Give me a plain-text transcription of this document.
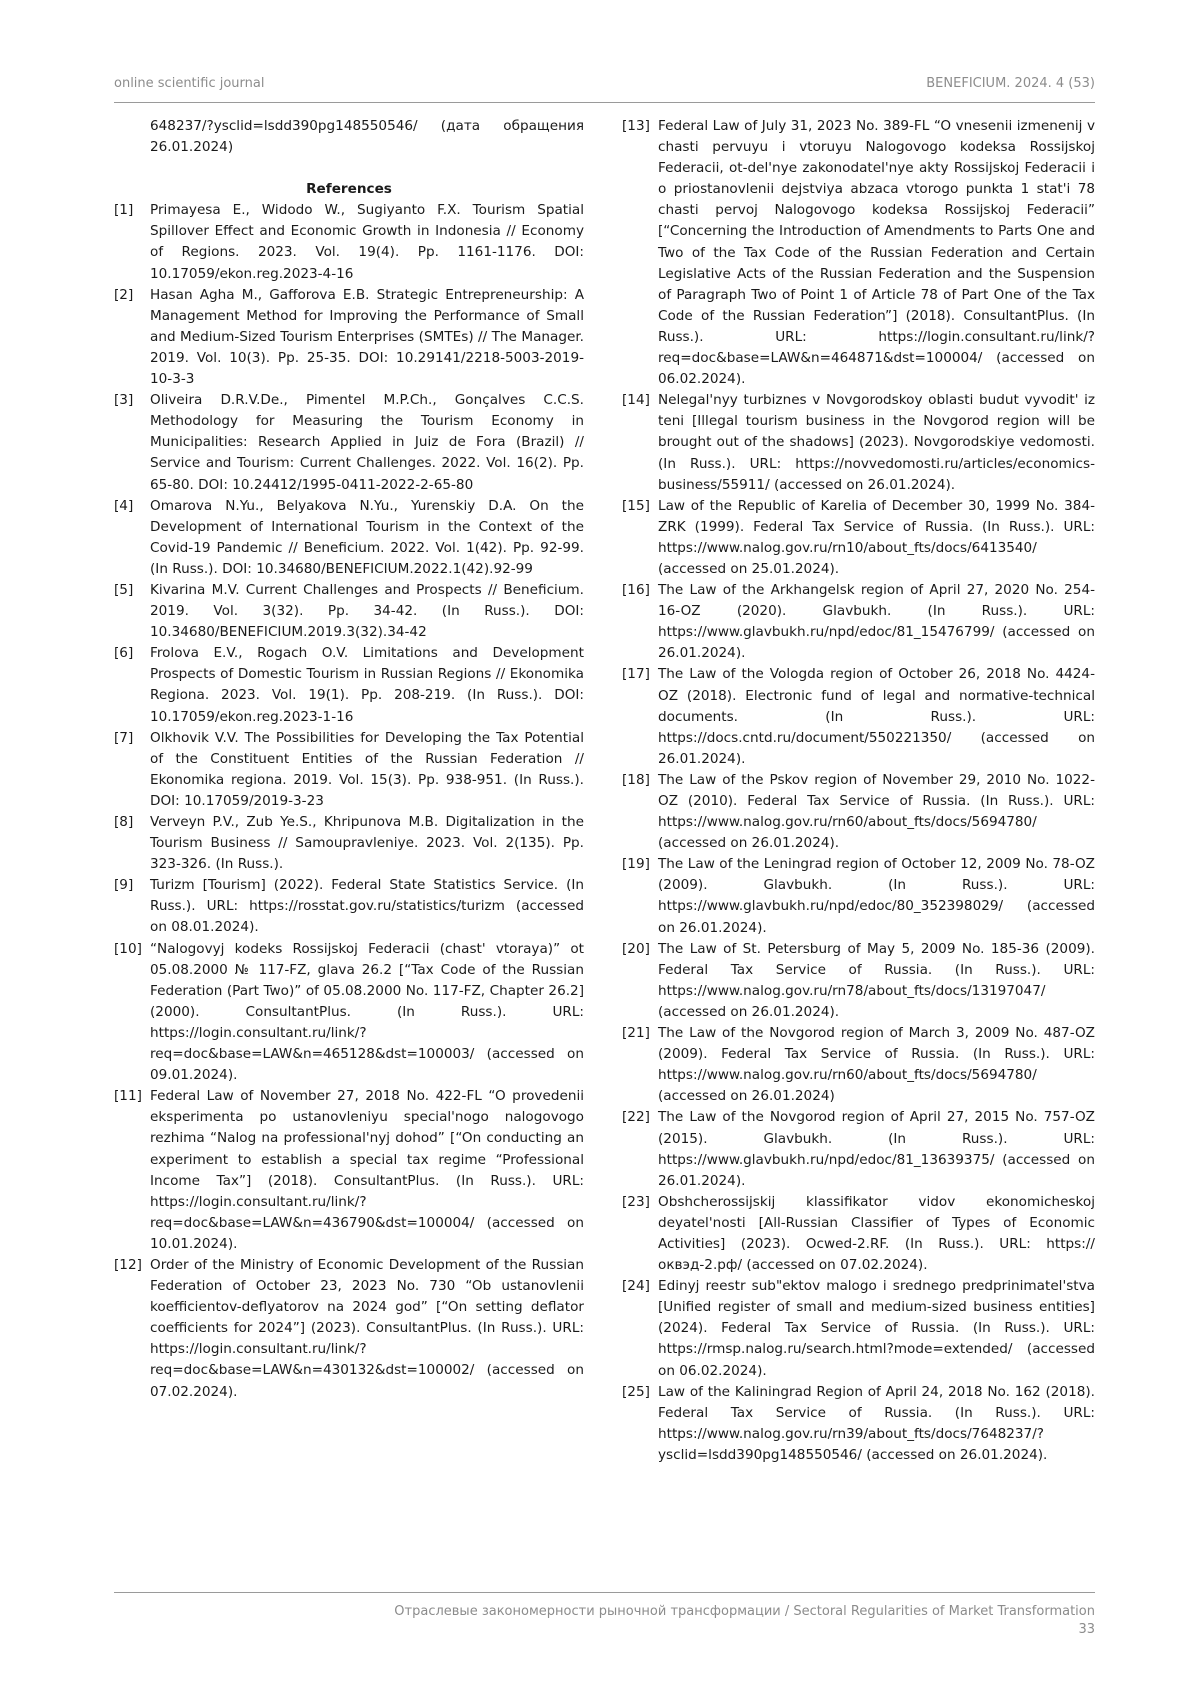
online scientific journal	BENEFICIUM. 2024. 4 (53)
648237/?ysclid=lsdd390pg148550546/ (дата обращения 26.01.2024)
References
[1]	Primayesa E., Widodo W., Sugiyanto F.X. Tourism Spatial Spillover Effect and Economic Growth in Indonesia // Economy of Regions. 2023. Vol. 19(4). Pp. 1161-1176. DOI: 10.17059/ekon.reg.2023-4-16
[2]	Hasan Agha M., Gafforova E.B. Strategic Entrepreneurship: A Management Method for Improving the Performance of Small and Medium-Sized Tourism Enterprises (SMTEs) // The Manager. 2019. Vol. 10(3). Pp. 25-35. DOI: 10.29141/2218-5003-2019-10-3-3
[3]	Oliveira D.R.V.De., Pimentel M.P.Ch., Gonçalves C.C.S. Methodology for Measuring the Tourism Economy in Municipalities: Research Applied in Juiz de Fora (Brazil) // Service and Tourism: Current Challenges. 2022. Vol. 16(2). Pp. 65-80. DOI: 10.24412/1995-0411-2022-2-65-80
[4]	Omarova N.Yu., Belyakova N.Yu., Yurenskiy D.A. On the Development of International Tourism in the Context of the Covid-19 Pandemic // Beneficium. 2022. Vol. 1(42). Pp. 92-99. (In Russ.). DOI: 10.34680/BENEFICIUM.2022.1(42).92-99
[5]	Kivarina M.V. Current Challenges and Prospects // Beneficium. 2019. Vol. 3(32). Pp. 34-42. (In Russ.). DOI: 10.34680/BENEFICIUM.2019.3(32).34-42
[6]	Frolova E.V., Rogach O.V. Limitations and Development Prospects of Domestic Tourism in Russian Regions // Ekonomika Regiona. 2023. Vol. 19(1). Pp. 208-219. (In Russ.). DOI: 10.17059/ekon.reg.2023-1-16
[7]	Olkhovik V.V. The Possibilities for Developing the Tax Potential of the Constituent Entities of the Russian Federation // Ekonomika regiona. 2019. Vol. 15(3). Pp. 938-951. (In Russ.). DOI: 10.17059/2019-3-23
[8]	Verveyn P.V., Zub Ye.S., Khripunova M.B. Digitalization in the Tourism Business // Samoupravleniye. 2023. Vol. 2(135). Pp. 323-326. (In Russ.).
[9]	Turizm [Tourism] (2022). Federal State Statistics Service. (In Russ.). URL: https://rosstat.gov.ru/statistics/turizm (accessed on 08.01.2024).
[10] “Nalogovyj kodeks Rossijskoj Federacii (chast' vtoraya)” ot 05.08.2000 № 117-FZ, glava 26.2 [“Tax Code of the Russian Federation (Part Two)” of 05.08.2000 No. 117-FZ, Chapter 26.2] (2000). ConsultantPlus. (In Russ.). URL: https://login.consultant.ru/link/?req=doc&base=LAW&n=465128&dst=100003/ (accessed on 09.01.2024).
[11] Federal Law of November 27, 2018 No. 422-FL “O provedenii eksperimenta po ustanovleniyu special'nogo nalogovogo rezhima “Nalog na professional'nyj dohod” [“On conducting an experiment to establish a special tax regime “Professional Income Tax”] (2018). ConsultantPlus. (In Russ.). URL: https://login.consultant.ru/link/?req=doc&base=LAW&n=436790&dst=100004/ (accessed on 10.01.2024).
[12] Order of the Ministry of Economic Development of the Russian Federation of October 23, 2023 No. 730 “Ob ustanovlenii koefficientov-deflyatorov na 2024 god” [“On setting deflator coefficients for 2024”] (2023). ConsultantPlus. (In Russ.). URL: https://login.consultant.ru/link/?req=doc&base=LAW&n=430132&dst=100002/ (accessed on 07.02.2024).
[13] Federal Law of July 31, 2023 No. 389-FL “O vnesenii izmenenij v chasti pervuyu i vtoruyu Nalogovogo kodeksa Rossijskoj Federacii, ot-del'nye zakonodatel'nye akty Rossijskoj Federacii i o priostanovlenii dejstviya abzaca vtorogo punkta 1 stat'i 78 chasti pervoj Nalogovogo kodeksa Rossijskoj Federacii” [“Concerning the Introduction of Amendments to Parts One and Two of the Tax Code of the Russian Federation and Certain Legislative Acts of the Russian Federation and the Suspension of Paragraph Two of Point 1 of Article 78 of Part One of the Tax Code of the Russian Federation”] (2018). ConsultantPlus. (In Russ.). URL: https://login.consultant.ru/link/?req=doc&base=LAW&n=464871&dst=100004/ (accessed on 06.02.2024).
[14] Nelegal'nyy turbiznes v Novgorodskoy oblasti budut vyvodit' iz teni [Illegal tourism business in the Novgorod region will be brought out of the shadows] (2023). Novgorodskiye vedomosti. (In Russ.). URL: https://novvedomosti.ru/articles/economics-business/55911/ (accessed on 26.01.2024).
[15] Law of the Republic of Karelia of December 30, 1999 No. 384-ZRK (1999). Federal Tax Service of Russia. (In Russ.). URL: https://www.nalog.gov.ru/rn10/about_fts/docs/6413540/ (accessed on 25.01.2024).
[16] The Law of the Arkhangelsk region of April 27, 2020 No. 254-16-OZ (2020). Glavbukh. (In Russ.). URL: https://www.glavbukh.ru/npd/edoc/81_15476799/ (accessed on 26.01.2024).
[17] The Law of the Vologda region of October 26, 2018 No. 4424-OZ (2018). Electronic fund of legal and normative-technical documents. (In Russ.). URL: https://docs.cntd.ru/document/550221350/ (accessed on 26.01.2024).
[18] The Law of the Pskov region of November 29, 2010 No. 1022-OZ (2010). Federal Tax Service of Russia. (In Russ.). URL: https://www.nalog.gov.ru/rn60/about_fts/docs/5694780/ (accessed on 26.01.2024).
[19] The Law of the Leningrad region of October 12, 2009 No. 78-OZ (2009). Glavbukh. (In Russ.). URL: https://www.glavbukh.ru/npd/edoc/80_352398029/ (accessed on 26.01.2024).
[20] The Law of St. Petersburg of May 5, 2009 No. 185-36 (2009). Federal Tax Service of Russia. (In Russ.). URL: https://www.nalog.gov.ru/rn78/about_fts/docs/13197047/ (accessed on 26.01.2024).
[21] The Law of the Novgorod region of March 3, 2009 No. 487-OZ (2009). Federal Tax Service of Russia. (In Russ.). URL: https://www.nalog.gov.ru/rn60/about_fts/docs/5694780/ (accessed on 26.01.2024)
[22] The Law of the Novgorod region of April 27, 2015 No. 757-OZ (2015). Glavbukh. (In Russ.). URL: https://www.glavbukh.ru/npd/edoc/81_13639375/ (accessed on 26.01.2024).
[23] Obshcherossijskij klassifikator vidov ekonomicheskoj deyatel'nosti [All-Russian Classifier of Types of Economic Activities] (2023). Ocwed-2.RF. (In Russ.). URL: https://оквэд-2.рф/ (accessed on 07.02.2024).
[24] Edinyj reestr sub"ektov malogo i srednego predprinimatel'stva [Unified register of small and medium-sized business entities] (2024). Federal Tax Service of Russia. (In Russ.). URL: https://rmsp.nalog.ru/search.html?mode=extended/ (accessed on 06.02.2024).
[25] Law of the Kaliningrad Region of April 24, 2018 No. 162 (2018). Federal Tax Service of Russia. (In Russ.). URL: https://www.nalog.gov.ru/rn39/about_fts/docs/7648237/?ysclid=lsdd390pg148550546/ (accessed on 26.01.2024).
Отраслевые закономерности рыночной трансформации / Sectoral Regularities of Market Transformation
33
